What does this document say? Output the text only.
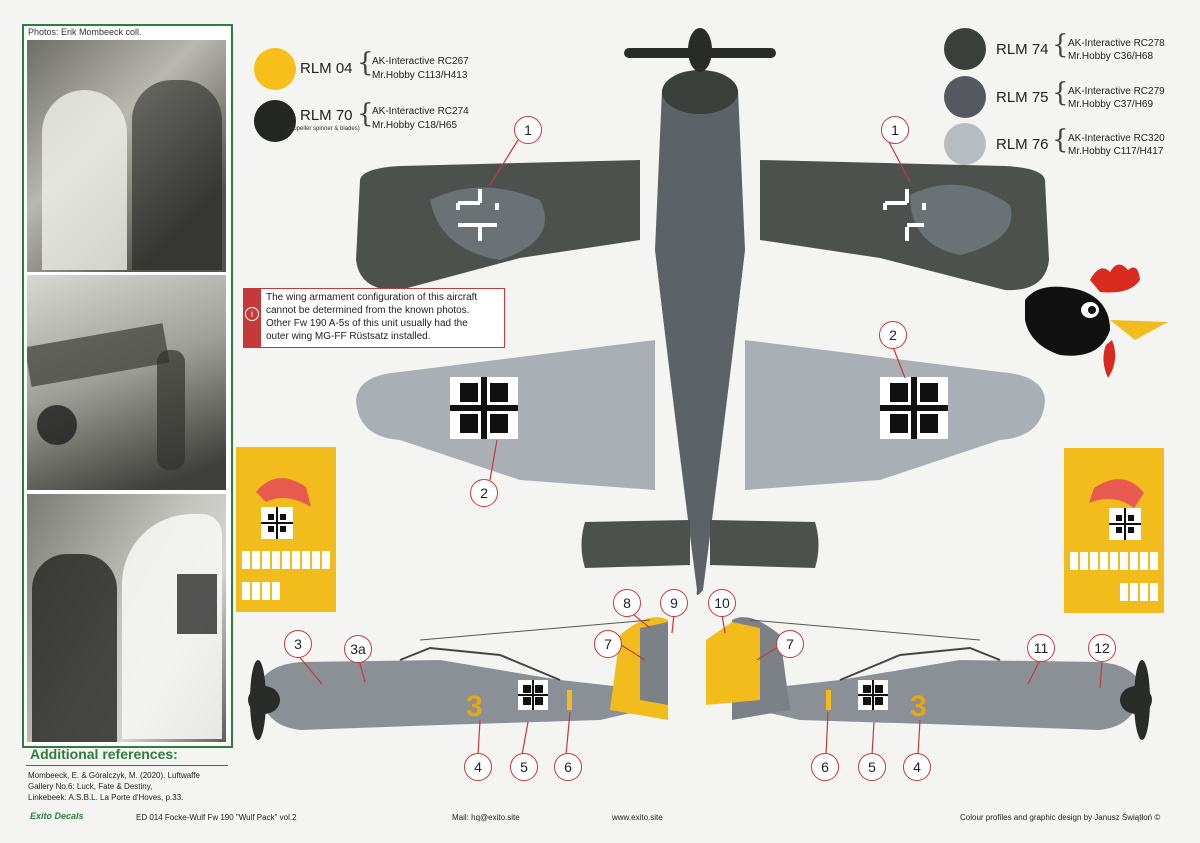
Photos: Erik Mombeeck coll.
Additional references:
Mombeeck, E. & Góralczyk, M. (2020). Luftwaffe
Gallery No.6: Luck, Fate & Destiny,
Linkebeek: A.S.B.L. La Porte d'Hoves, p.33.
RLM 04 {
AK-Interactive RC267
Mr.Hobby C113/H413
RLM 70
(propeller spinner & blades)
{
AK-Interactive RC274
Mr.Hobby C18/H65
RLM 74 { AK-Interactive RC278
Mr.Hobby C36/H68
RLM 75 { AK-Interactive RC279
Mr.Hobby C37/H69
RLM 76 { AK-Interactive RC320
Mr.Hobby C117/H417
3	3
1	1
2
2
3	3a
4	5	6
7
8	9	10
7	11	12
6	5	4
i
The wing armament configuration of this aircraft
cannot be determined from the known photos.
Other Fw 190 A-5s of this unit usually had the
outer wing MG-FF Rüstsatz installed.
Exito Decals	ED 014 Focke-Wulf Fw 190 "Wulf Pack" vol.2	Mail: hq@exito.site	www.exito.site	Colour profiles and graphic design by Janusz Świątłoń ©
